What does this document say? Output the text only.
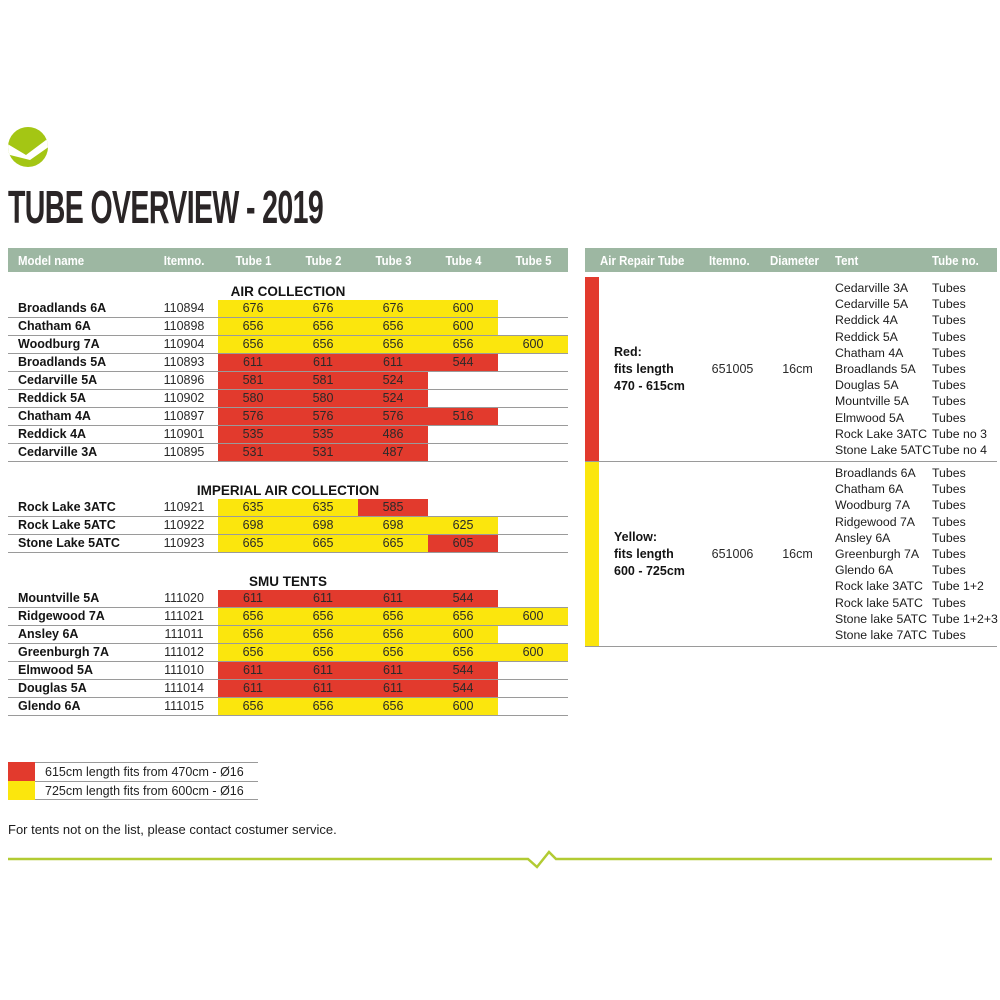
TUBE OVERVIEW - 2019
Model name	Itemno.	Tube 1	Tube 2	Tube 3	Tube 4	Tube 5
AIR COLLECTION
Broadlands 6A	110894	676	676	676	600
Chatham 6A	110898	656	656	656	600
Woodburg 7A	110904	656	656	656	656	600
Broadlands 5A	110893	611	611	611	544
Cedarville 5A	110896	581	581	524
Reddick 5A	110902	580	580	524
Chatham 4A	110897	576	576	576	516
Reddick 4A	110901	535	535	486
Cedarville 3A	110895	531	531	487
IMPERIAL AIR COLLECTION
Rock Lake 3ATC	110921	635	635	585
Rock Lake 5ATC	110922	698	698	698	625
Stone Lake 5ATC	110923	665	665	665	605
SMU TENTS
Mountville 5A	111020	611	611	611	544
Ridgewood 7A	111021	656	656	656	656	600
Ansley 6A	111011	656	656	656	600
Greenburgh 7A	111012	656	656	656	656	600
Elmwood 5A	111010	611	611	611	544
Douglas 5A	111014	611	611	611	544
Glendo 6A	111015	656	656	656	600
Air Repair Tube	Itemno.	Diameter	Tent	Tube no.
Red:
fits length
470 - 615cm
651005	16cm
Cedarville 3A	Tubes
Cedarville 5A	Tubes
Reddick 4A	Tubes
Reddick 5A	Tubes
Chatham 4A	Tubes
Broadlands 5A	Tubes
Douglas 5A	Tubes
Mountville 5A	Tubes
Elmwood 5A	Tubes
Rock Lake 3ATC Tube no 3
Stone Lake 5ATC Tube no 4
Yellow:
fits length
600 - 725cm
651006	16cm
Broadlands 6A	Tubes
Chatham 6A	Tubes
Woodburg 7A	Tubes
Ridgewood 7A	Tubes
Ansley 6A	Tubes
Greenburgh 7A	Tubes
Glendo 6A	Tubes
Rock lake 3ATC Tube 1+2
Rock lake 5ATC Tubes
Stone lake 5ATC Tube 1+2+3
Stone lake 7ATC Tubes
615cm length fits from 470cm - Ø16
725cm length fits from 600cm - Ø16
For tents not on the list, please contact costumer service.
